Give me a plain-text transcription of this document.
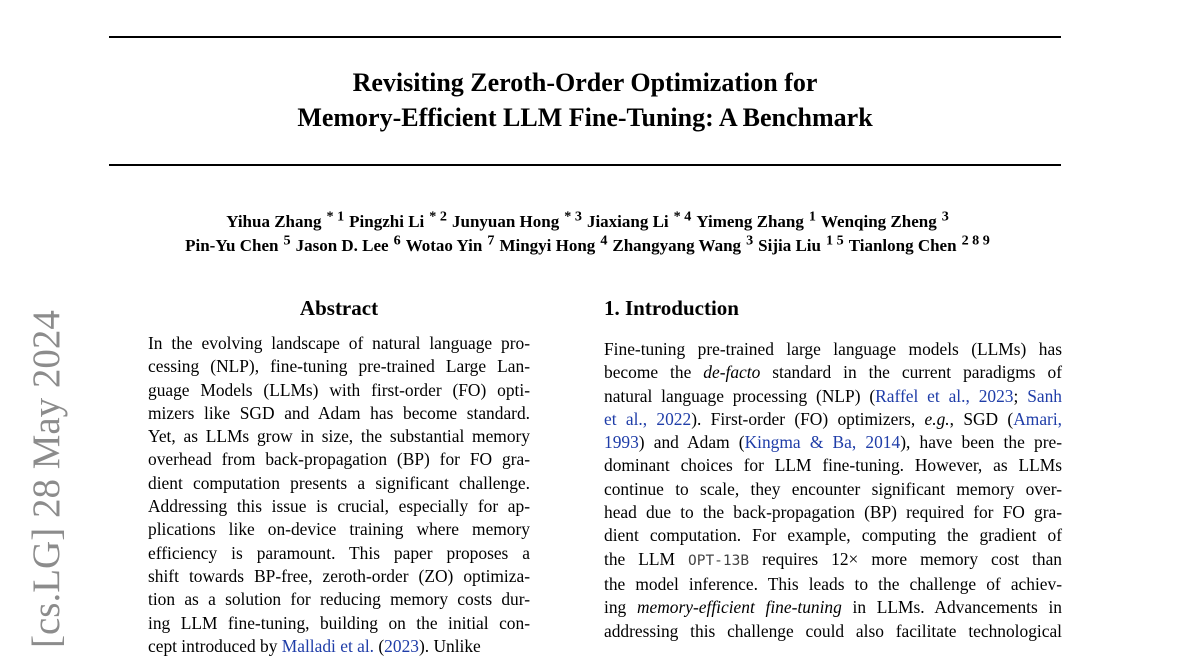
[cs.LG] 28 May 2024
Revisiting Zeroth-Order Optimization for
Memory-Efficient LLM Fine-Tuning: A Benchmark
Yihua Zhang $^{* 1}$ Pingzhi Li $^{* 2}$ Junyuan Hong $^{* 3}$ Jiaxiang Li $^{* 4}$ Yimeng Zhang $^1$ Wenqing Zheng $^3$
Pin-Yu Chen $^5$ Jason D. Lee $^6$ Wotao Yin $^7$ Mingyi Hong $^4$ Zhangyang Wang $^3$ Sijia Liu $^{1 5}$ Tianlong Chen $^{2 8 9}$
Abstract
In the evolving landscape of natural language pro-
cessing (NLP), fine-tuning pre-trained Large Lan-
guage Models (LLMs) with first-order (FO) opti-
mizers like SGD and Adam has become standard.
Yet, as LLMs grow in size, the substantial memory
overhead from back-propagation (BP) for FO gra-
dient computation presents a significant challenge.
Addressing this issue is crucial, especially for ap-
plications like on-device training where memory
efficiency is paramount. This paper proposes a
shift towards BP-free, zeroth-order (ZO) optimiza-
tion as a solution for reducing memory costs dur-
ing LLM fine-tuning, building on the initial con-
cept introduced by Malladi et al. (2023). Unlike
1. Introduction
Fine-tuning pre-trained large language models (LLMs) has
become the de-facto standard in the current paradigms of
natural language processing (NLP) (Raffel et al., 2023; Sanh
et al., 2022). First-order (FO) optimizers, e.g., SGD (Amari,
1993) and Adam (Kingma & Ba, 2014), have been the pre-
dominant choices for LLM fine-tuning. However, as LLMs
continue to scale, they encounter significant memory over-
head due to the back-propagation (BP) required for FO gra-
dient computation. For example, computing the gradient of
the LLM OPT-13B requires 12× more memory cost than
the model inference. This leads to the challenge of achiev-
ing memory-efficient fine-tuning in LLMs. Advancements in
addressing this challenge could also facilitate technological
